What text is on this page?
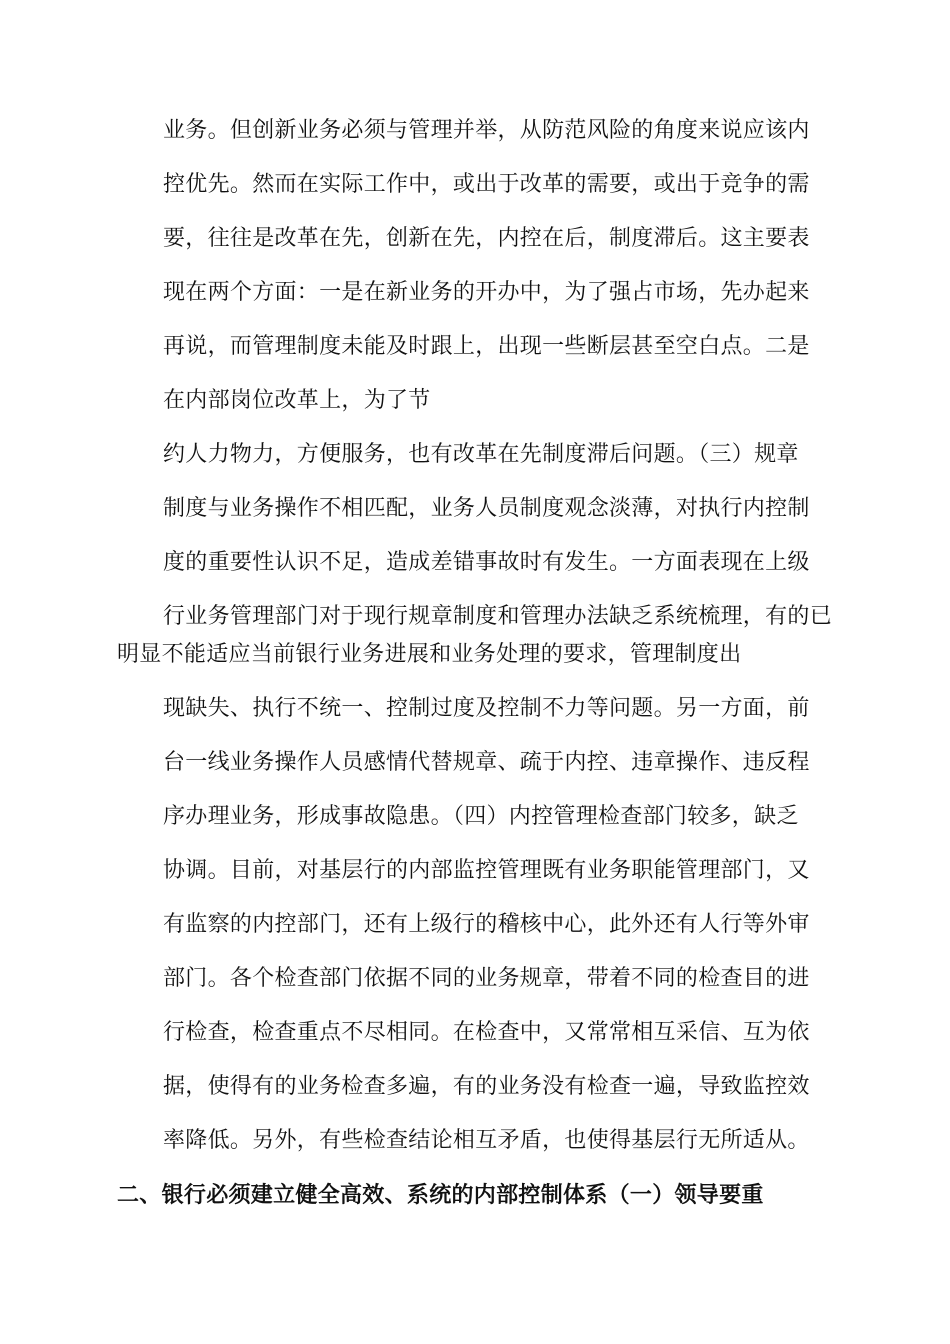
业务。但创新业务必须与管理并举，从防范风险的角度来说应该内
控优先。然而在实际工作中，或出于改革的需要，或出于竞争的需
要，往往是改革在先，创新在先，内控在后，制度滞后。这主要表
现在两个方面：一是在新业务的开办中，为了强占市场，先办起来
再说，而管理制度未能及时跟上，出现一些断层甚至空白点。二是
在内部岗位改革上，为了节
约人力物力，方便服务，也有改革在先制度滞后问题。（三）规章
制度与业务操作不相匹配，业务人员制度观念淡薄，对执行内控制
度的重要性认识不足，造成差错事故时有发生。一方面表现在上级
行业务管理部门对于现行规章制度和管理办法缺乏系统梳理，有的已
明显不能适应当前银行业务进展和业务处理的要求，管理制度出
现缺失、执行不统一、控制过度及控制不力等问题。另一方面，前
台一线业务操作人员感情代替规章、疏于内控、违章操作、违反程
序办理业务，形成事故隐患。（四）内控管理检查部门较多，缺乏
协调。目前，对基层行的内部监控管理既有业务职能管理部门，又
有监察的内控部门，还有上级行的稽核中心，此外还有人行等外审
部门。各个检查部门依据不同的业务规章，带着不同的检查目的进
行检查，检查重点不尽相同。在检查中，又常常相互采信、互为依
据，使得有的业务检查多遍，有的业务没有检查一遍，导致监控效
率降低。另外，有些检查结论相互矛盾，也使得基层行无所适从。
二、银行必须建立健全高效、系统的内部控制体系（一）领导要重
